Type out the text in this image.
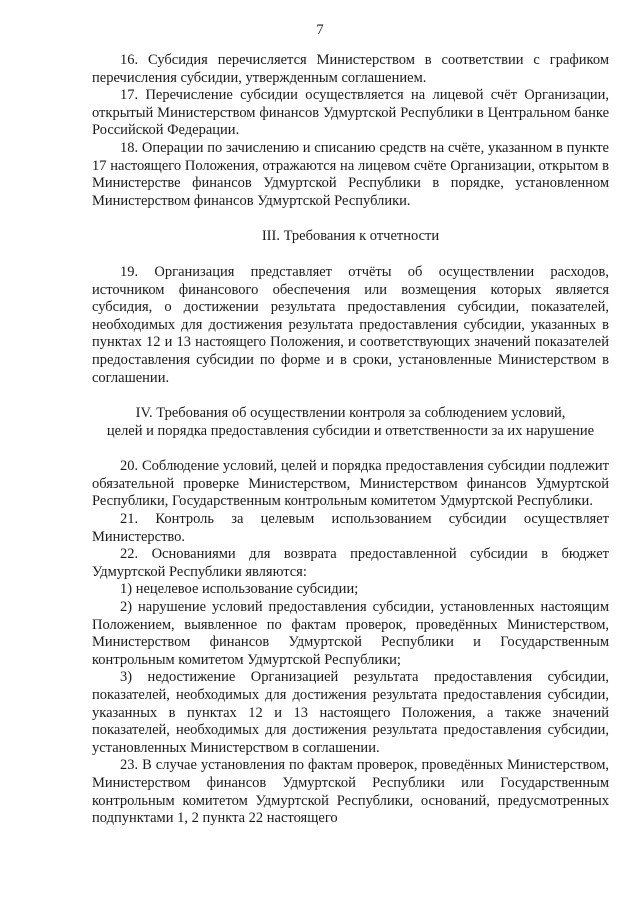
7

16. Субсидия перечисляется Министерством в соответствии с графиком перечисления субсидии, утвержденным соглашением.

17. Перечисление субсидии осуществляется на лицевой счёт Организации, открытый Министерством финансов Удмуртской Республики в Центральном банке Российской Федерации.

18. Операции по зачислению и списанию средств на счёте, указанном в пункте 17 настоящего Положения, отражаются на лицевом счёте Организации, открытом в Министерстве финансов Удмуртской Республики в порядке, установленном Министерством финансов Удмуртской Республики.

III. Требования к отчетности

19. Организация представляет отчёты об осуществлении расходов, источником финансового обеспечения или возмещения которых является субсидия, о достижении результата предоставления субсидии, показателей, необходимых для достижения результата предоставления субсидии, указанных в пунктах 12 и 13 настоящего Положения, и соответствующих значений показателей предоставления субсидии по форме и в сроки, установленные Министерством в соглашении.

IV. Требования об осуществлении контроля за соблюдением условий,

целей и порядка предоставления субсидии и ответственности за их нарушение

20. Соблюдение условий, целей и порядка предоставления субсидии подлежит обязательной проверке Министерством, Министерством финансов Удмуртской Республики, Государственным контрольным комитетом Удмуртской Республики.

21. Контроль за целевым использованием субсидии осуществляет Министерство.

22. Основаниями для возврата предоставленной субсидии в бюджет Удмуртской Республики являются:

1) нецелевое использование субсидии;

2) нарушение условий предоставления субсидии, установленных настоящим Положением, выявленное по фактам проверок, проведённых Министерством, Министерством финансов Удмуртской Республики и Государственным контрольным комитетом Удмуртской Республики;

3) недостижение Организацией результата предоставления субсидии, показателей, необходимых для достижения результата предоставления субсидии, указанных в пунктах 12 и 13 настоящего Положения, а также значений показателей, необходимых для достижения результата предоставления субсидии, установленных Министерством в соглашении.

23. В случае установления по фактам проверок, проведённых Министерством, Министерством финансов Удмуртской Республики или Государственным контрольным комитетом Удмуртской Республики, оснований, предусмотренных подпунктами 1, 2 пункта 22 настоящего
